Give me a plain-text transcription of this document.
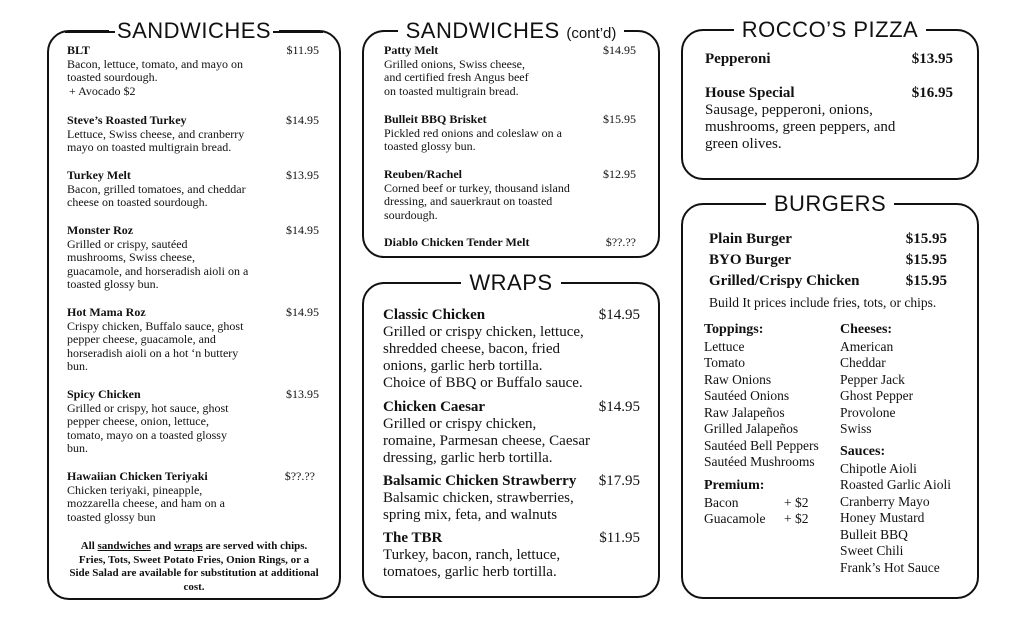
SANDWICHES
BLT	$11.95
Bacon, lettuce, tomato, and mayo on
toasted sourdough.
+ Avocado $2
Steve’s Roasted Turkey	$14.95
Lettuce, Swiss cheese, and cranberry
mayo on toasted multigrain bread.
Turkey Melt	$13.95
Bacon, grilled tomatoes, and cheddar
cheese on toasted sourdough.
Monster Roz	$14.95
Grilled or crispy, sautéed
mushrooms, Swiss cheese,
guacamole, and horseradish aioli on a
toasted glossy bun.
Hot Mama Roz	$14.95
Crispy chicken, Buffalo sauce, ghost
pepper cheese, guacamole, and
horseradish aioli on a hot ‘n buttery
bun.
Spicy Chicken	$13.95
Grilled or crispy, hot sauce, ghost
pepper cheese, onion, lettuce,
tomato, mayo on a toasted glossy
bun.
Hawaiian Chicken Teriyaki	$??.??
Chicken teriyaki, pineapple,
mozzarella cheese, and ham on a
toasted glossy bun
All sandwiches and wraps are served with chips.
Fries, Tots, Sweet Potato Fries, Onion Rings, or a
Side Salad are available for substitution at additional
cost.
SANDWICHES (cont’d)
Patty Melt	$14.95
Grilled onions, Swiss cheese,
and certified fresh Angus beef
on toasted multigrain bread.
Bulleit BBQ Brisket	$15.95
Pickled red onions and coleslaw on a
toasted glossy bun.
Reuben/Rachel	$12.95
Corned beef or turkey, thousand island
dressing, and sauerkraut on toasted
sourdough.
Diablo Chicken Tender Melt	$??.??
WRAPS
Classic Chicken	$14.95
Grilled or crispy chicken, lettuce,
shredded cheese, bacon, fried
onions, garlic herb tortilla.
Choice of BBQ or Buffalo sauce.
Chicken Caesar	$14.95
Grilled or crispy chicken,
romaine, Parmesan cheese, Caesar
dressing, garlic herb tortilla.
Balsamic Chicken Strawberry	$17.95
Balsamic chicken, strawberries,
spring mix, feta, and walnuts
The TBR	$11.95
Turkey, bacon, ranch, lettuce,
tomatoes, garlic herb tortilla.
ROCCO’S PIZZA
Pepperoni	$13.95
House Special	$16.95
Sausage, pepperoni, onions,
mushrooms, green peppers, and
green olives.
BURGERS
Plain Burger	$15.95
BYO Burger	$15.95
Grilled/Crispy Chicken	$15.95
Build It prices include fries, tots, or chips.
Toppings:
Lettuce
Tomato
Raw Onions
Sautéed Onions
Raw Jalapeños
Grilled Jalapeños
Sautéed Bell Peppers
Sautéed Mushrooms
Premium:
Bacon	+ $2
Guacamole + $2
Cheeses:
American
Cheddar
Pepper Jack
Ghost Pepper
Provolone
Swiss
Sauces:
Chipotle Aioli
Roasted Garlic Aioli
Cranberry Mayo
Honey Mustard
Bulleit BBQ
Sweet Chili
Frank’s Hot Sauce
